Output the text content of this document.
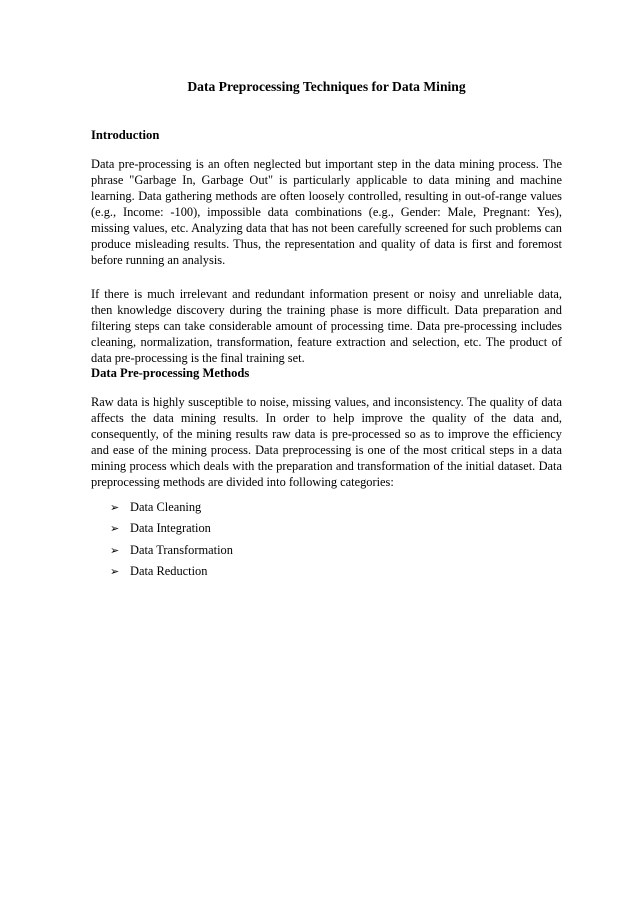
Data Preprocessing Techniques for Data Mining
Introduction

Data pre-processing is an often neglected but important step in the data mining process. The phrase "Garbage In, Garbage Out" is particularly applicable to data mining and machine learning. Data gathering methods are often loosely controlled, resulting in out-of-range values (e.g., Income: -100), impossible data combinations (e.g., Gender: Male, Pregnant: Yes), missing values, etc. Analyzing data that has not been carefully screened for such problems can produce misleading results. Thus, the representation and quality of data is first and foremost before running an analysis.

If there is much irrelevant and redundant information present or noisy and unreliable data, then knowledge discovery during the training phase is more difficult. Data preparation and filtering steps can take considerable amount of processing time. Data pre-processing includes cleaning, normalization, transformation, feature extraction and selection, etc. The product of data pre-processing is the final training set.

Data Pre-processing Methods

Raw data is highly susceptible to noise, missing values, and inconsistency. The quality of data affects the data mining results. In order to help improve the quality of the data and, consequently, of the mining results raw data is pre-processed so as to improve the efficiency and ease of the mining process. Data preprocessing is one of the most critical steps in a data mining process which deals with the preparation and transformation of the initial dataset. Data preprocessing methods are divided into following categories:

➢ Data Cleaning
➢ Data Integration
➢ Data Transformation
➢ Data Reduction
